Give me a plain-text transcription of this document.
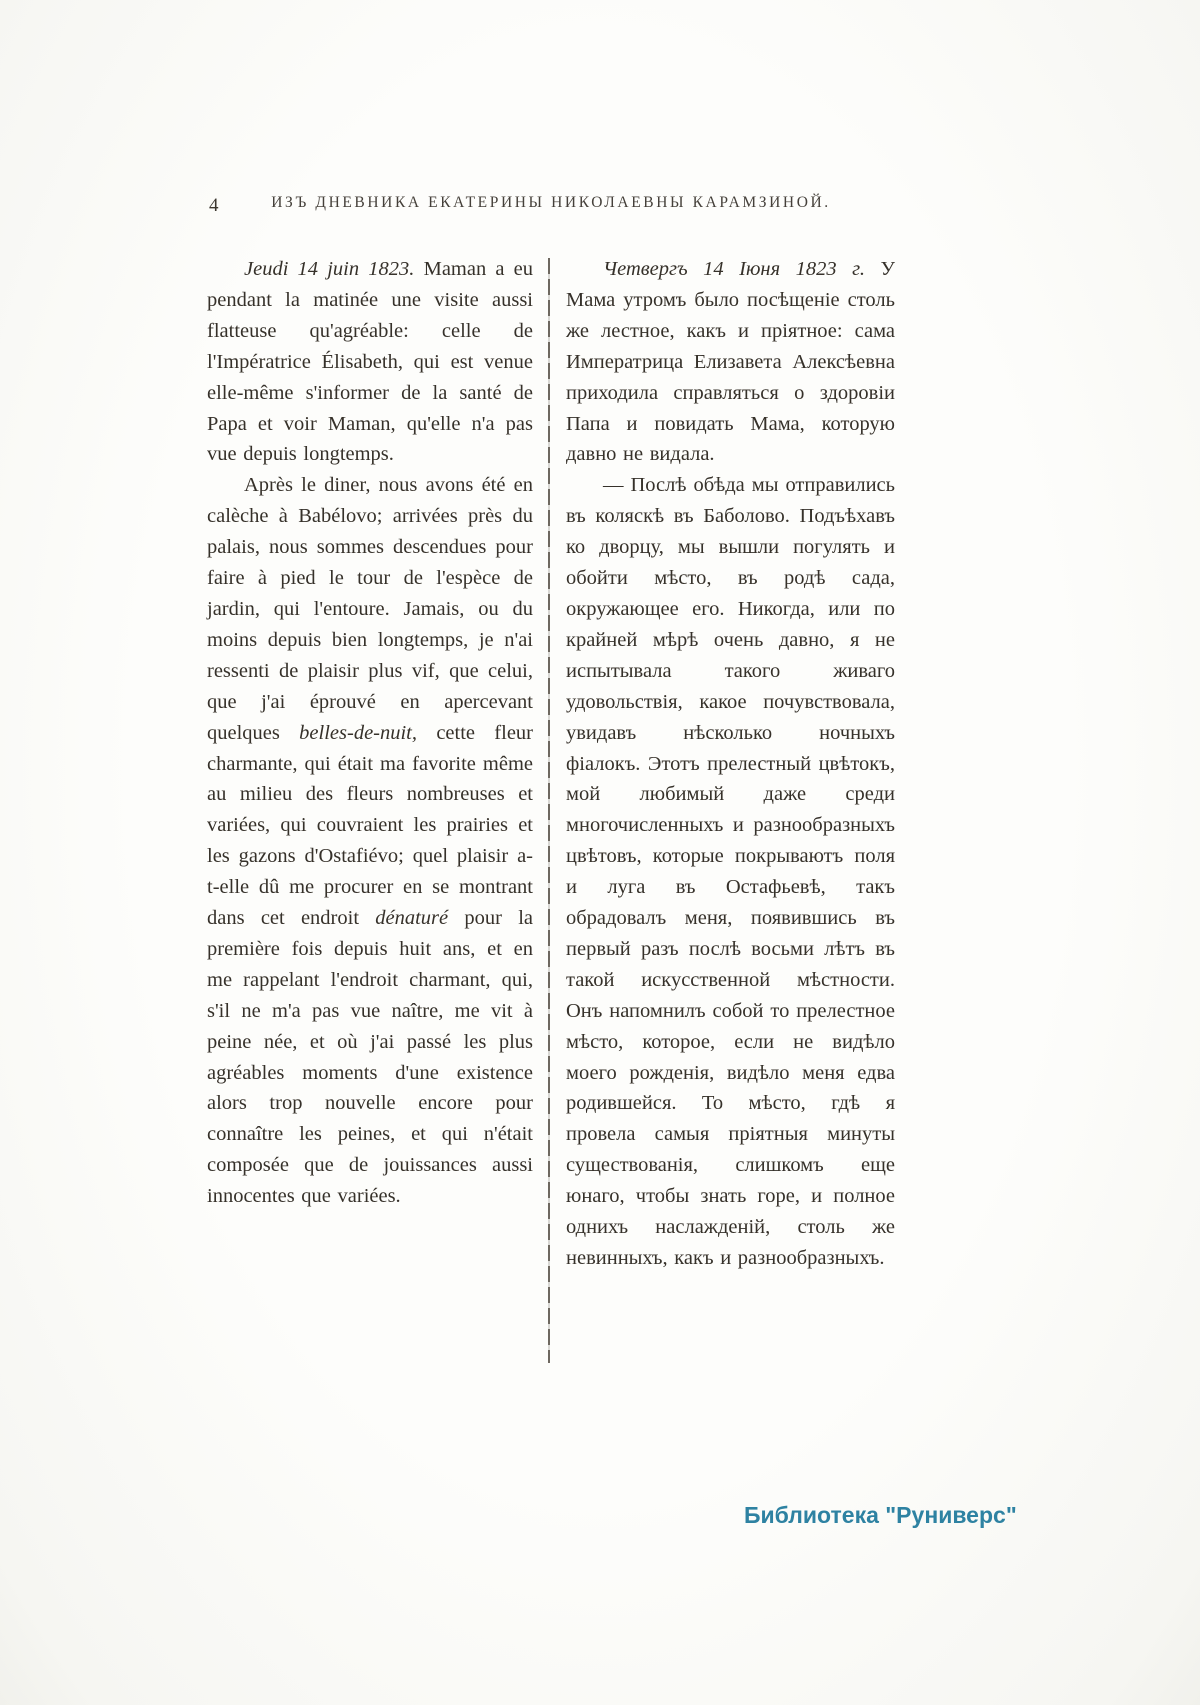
4	ИЗЪ ДНЕВНИКА ЕКАТЕРИНЫ НИКОЛАЕВНЫ КАРАМЗИНОЙ.

Jeudi 14 juin 1823. Maman a eu pendant la matinée une visite aussi flatteuse qu'agréable: celle de l'Impératrice Élisabeth, qui est venue elle-même s'informer de la santé de Papa et voir Maman, qu'elle n'a pas vue depuis longtemps.

Après le diner, nous avons été en calèche à Babélovo; arrivées près du palais, nous sommes descendues pour faire à pied le tour de l'espèce de jardin, qui l'entoure. Jamais, ou du moins depuis bien longtemps, je n'ai ressenti de plaisir plus vif, que celui, que j'ai éprouvé en apercevant quelques belles-de-nuit, cette fleur charmante, qui était ma favorite même au milieu des fleurs nombreuses et variées, qui couvraient les prairies et les gazons d'Ostafiévo; quel plaisir a-t-elle dû me procurer en se montrant dans cet endroit dénaturé pour la première fois depuis huit ans, et en me rappelant l'endroit charmant, qui, s'il ne m'a pas vue naître, me vit à peine née, et où j'ai passé les plus agréables moments d'une existence alors trop nouvelle encore pour connaître les peines, et qui n'était composée que de jouissances aussi innocentes que variées.

Четвергъ 14 Іюня 1823 г. У Мама утромъ было посѣщеніе столь же лестное, какъ и пріятное: сама Императрица Елизавета Алексѣевна приходила справляться о здоровіи Папа и повидать Мама, которую давно не видала.

— Послѣ обѣда мы отправились въ коляскѣ въ Баболово. Подъѣхавъ ко дворцу, мы вышли погулять и обойти мѣсто, въ родѣ сада, окружающее его. Никогда, или по крайней мѣрѣ очень давно, я не испытывала такого живаго удовольствія, какое почувствовала, увидавъ нѣсколько ночныхъ фіалокъ. Этотъ прелестный цвѣтокъ, мой любимый даже среди многочисленныхъ и разнообразныхъ цвѣтовъ, которые покрываютъ поля и луга въ Остафьевѣ, такъ обрадовалъ меня, появившись въ первый разъ послѣ восьми лѣтъ въ такой искусственной мѣстности. Онъ напомнилъ собой то прелестное мѣсто, которое, если не видѣло моего рожденія, видѣло меня едва родившейся. То мѣсто, гдѣ я провела самыя пріятныя минуты существованія, слишкомъ еще юнаго, чтобы знать горе, и полное однихъ наслажденій, столь же невинныхъ, какъ и разнообразныхъ.

Библиотека "Руниверс"
